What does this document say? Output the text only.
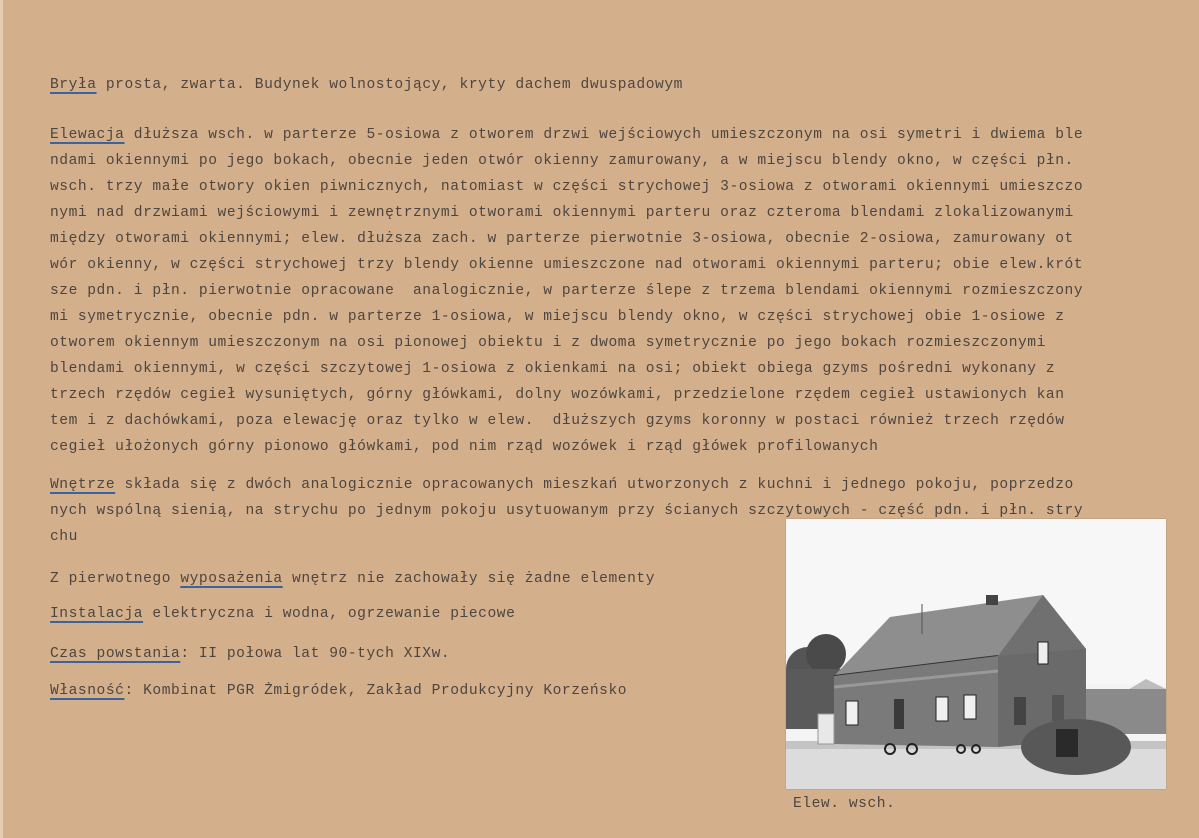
Bryła prosta, zwarta. Budynek wolnostojący, kryty dachem dwuspadowym
Elewacja dłuższa wsch. w parterze 5-osiowa z otworem drzwi wejściowych umieszczonym na osi symetri i dwiema ble
ndami okiennymi po jego bokach, obecnie jeden otwór okienny zamurowany, a w miejscu blendy okno, w części płn.
wsch. trzy małe otwory okien piwnicznych, natomiast w części strychowej 3-osiowa z otworami okiennymi umieszczo
nymi nad drzwiami wejściowymi i zewnętrznymi otworami okiennymi parteru oraz czteroma blendami zlokalizowanymi
między otworami okiennymi; elew. dłuższa zach. w parterze pierwotnie 3-osiowa, obecnie 2-osiowa, zamurowany ot
wór okienny, w części strychowej trzy blendy okienne umieszczone nad otworami okiennymi parteru; obie elew.krót
sze pdn. i płn. pierwotnie opracowane  analogicznie, w parterze ślepe z trzema blendami okiennymi rozmieszczony
mi symetrycznie, obecnie pdn. w parterze 1-osiowa, w miejscu blendy okno, w części strychowej obie 1-osiowe z
otworem okiennym umieszczonym na osi pionowej obiektu i z dwoma symetrycznie po jego bokach rozmieszczonymi
blendami okiennymi, w części szczytowej 1-osiowa z okienkami na osi; obiekt obiega gzyms pośredni wykonany z
trzech rzędów cegieł wysuniętych, górny główkami, dolny wozówkami, przedzielone rzędem cegieł ustawionych kan
tem i z dachówkami, poza elewację oraz tylko w elew.  dłuższych gzyms koronny w postaci również trzech rzędów
cegieł ułożonych górny pionowo główkami, pod nim rząd wozówek i rząd główek profilowanych
Wnętrze składa się z dwóch analogicznie opracowanych mieszkań utworzonych z kuchni i jednego pokoju, poprzedzo
nych wspólną sienią, na strychu po jednym pokoju usytuowanym przy ścianych szczytowych - część pdn. i płn. stry
chu
Z pierwotnego wyposażenia wnętrz nie zachowały się żadne elementy
Instalacja elektryczna i wodna, ogrzewanie piecowe
Czas powstania: II połowa lat 90-tych XIXw.
Własność: Kombinat PGR Żmigródek, Zakład Produkcyjny Korzeńsko
Elew. wsch.
